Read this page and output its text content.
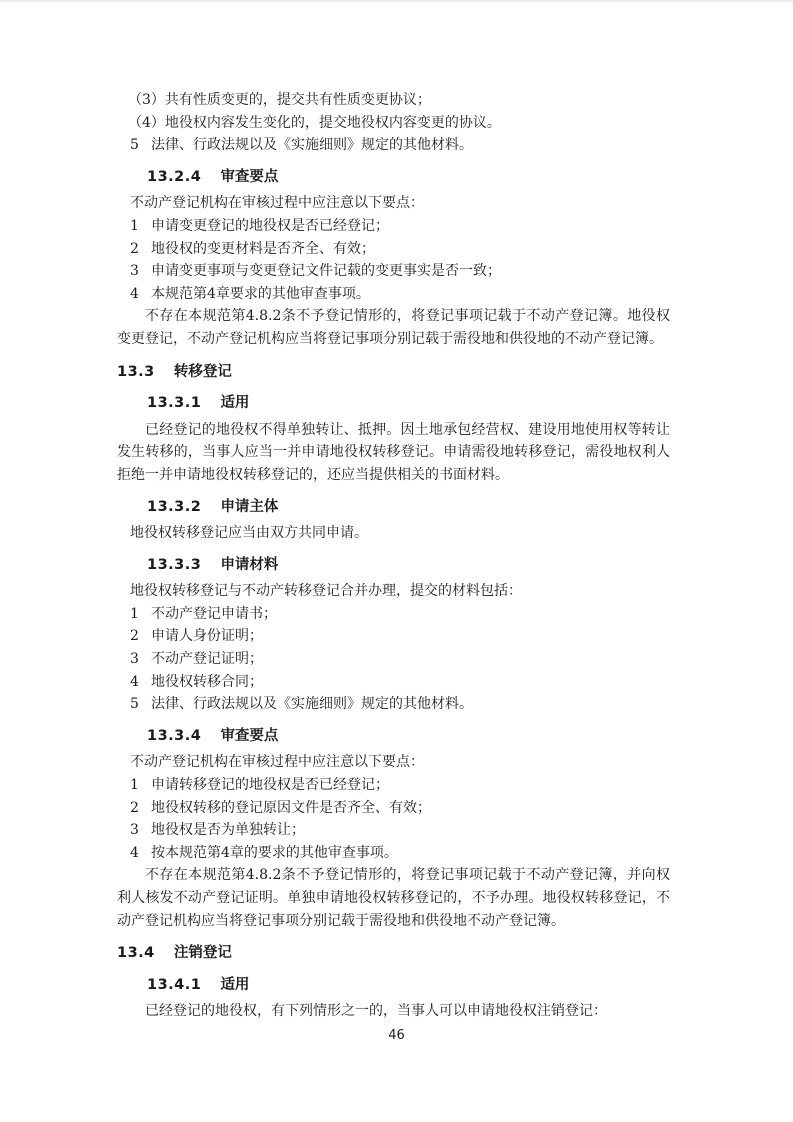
（3）共有性质变更的，提交共有性质变更协议；
（4）地役权内容发生变化的，提交地役权内容变更的协议。
5 法律、行政法规以及《实施细则》规定的其他材料。
13.2.4 审查要点
不动产登记机构在审核过程中应注意以下要点：
1 申请变更登记的地役权是否已经登记；
2 地役权的变更材料是否齐全、有效；
3 申请变更事项与变更登记文件记载的变更事实是否一致；
4 本规范第4章要求的其他审查事项。
不存在本规范第4.8.2条不予登记情形的，将登记事项记载于不动产登记簿。地役权变更登记，不动产登记机构应当将登记事项分别记载于需役地和供役地的不动产登记簿。
13.3 转移登记
13.3.1 适用
已经登记的地役权不得单独转让、抵押。因土地承包经营权、建设用地使用权等转让发生转移的，当事人应当一并申请地役权转移登记。申请需役地转移登记，需役地权利人拒绝一并申请地役权转移登记的，还应当提供相关的书面材料。
13.3.2 申请主体
地役权转移登记应当由双方共同申请。
13.3.3 申请材料
地役权转移登记与不动产转移登记合并办理，提交的材料包括：
1 不动产登记申请书；
2 申请人身份证明；
3 不动产登记证明；
4 地役权转移合同；
5 法律、行政法规以及《实施细则》规定的其他材料。
13.3.4 审查要点
不动产登记机构在审核过程中应注意以下要点：
1 申请转移登记的地役权是否已经登记；
2 地役权转移的登记原因文件是否齐全、有效；
3 地役权是否为单独转让；
4 按本规范第4章的要求的其他审查事项。
不存在本规范第4.8.2条不予登记情形的，将登记事项记载于不动产登记簿，并向权利人核发不动产登记证明。单独申请地役权转移登记的，不予办理。地役权转移登记，不动产登记机构应当将登记事项分别记载于需役地和供役地不动产登记簿。
13.4 注销登记
13.4.1 适用
已经登记的地役权，有下列情形之一的，当事人可以申请地役权注销登记：
46
